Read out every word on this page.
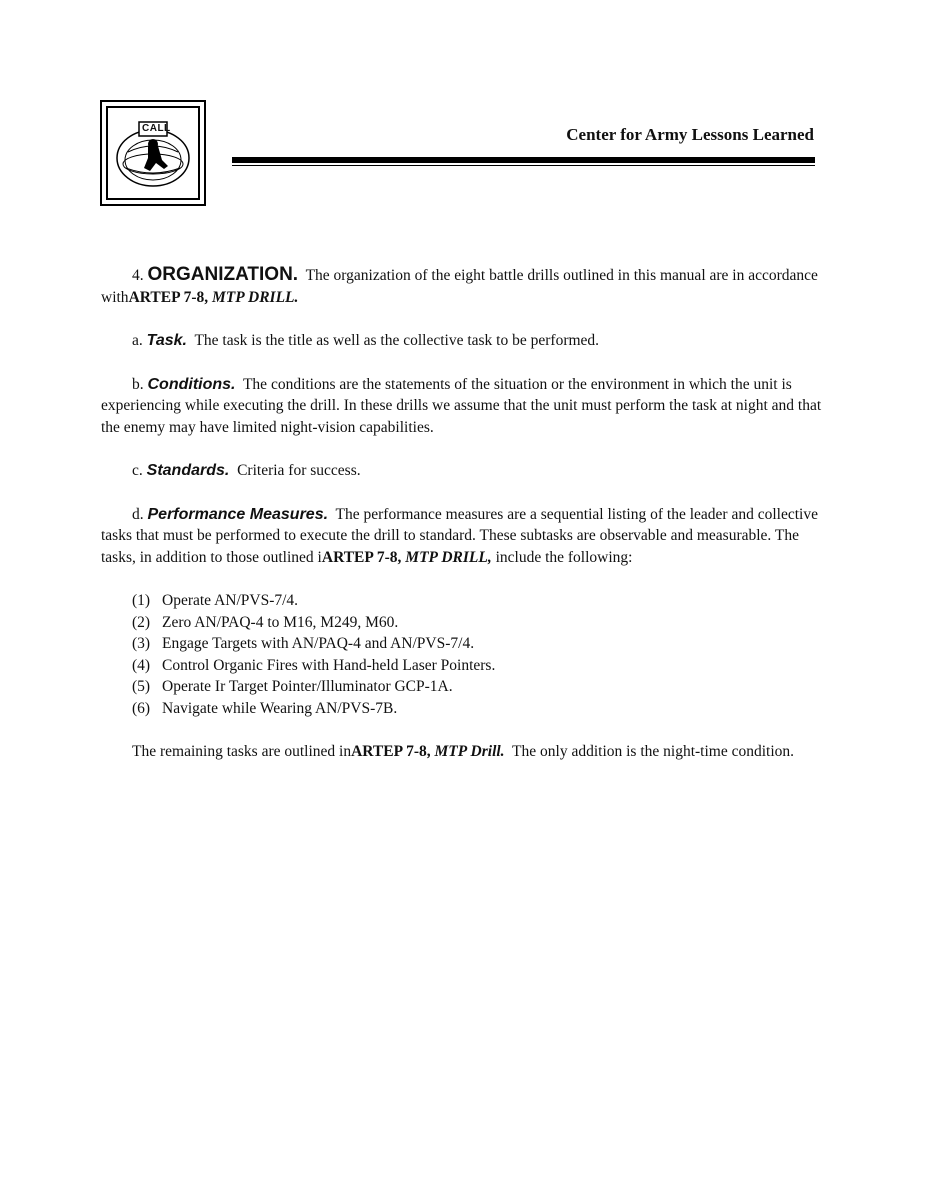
CALL	Center for Army Lessons Learned

4. ORGANIZATION. The organization of the eight battle drills outlined in this manual are in accordance withARTEP 7-8, MTP DRILL.

a. Task. The task is the title as well as the collective task to be performed.

b. Conditions. The conditions are the statements of the situation or the environment in which the unit is experiencing while executing the drill. In these drills we assume that the unit must perform the task at night and that the enemy may have limited night-vision capabilities.

c. Standards. Criteria for success.

d. Performance Measures. The performance measures are a sequential listing of the leader and collective tasks that must be performed to execute the drill to standard. These subtasks are observable and measurable. The tasks, in addition to those outlined iARTEP 7-8, MTP DRILL, include the following:

(1) Operate AN/PVS-7/4.
(2) Zero AN/PAQ-4 to M16, M249, M60.
(3) Engage Targets with AN/PAQ-4 and AN/PVS-7/4.
(4) Control Organic Fires with Hand-held Laser Pointers.
(5) Operate Ir Target Pointer/Illuminator GCP-1A.
(6) Navigate while Wearing AN/PVS-7B.

The remaining tasks are outlined inARTEP 7-8, MTP Drill. The only addition is the night-time condition.
